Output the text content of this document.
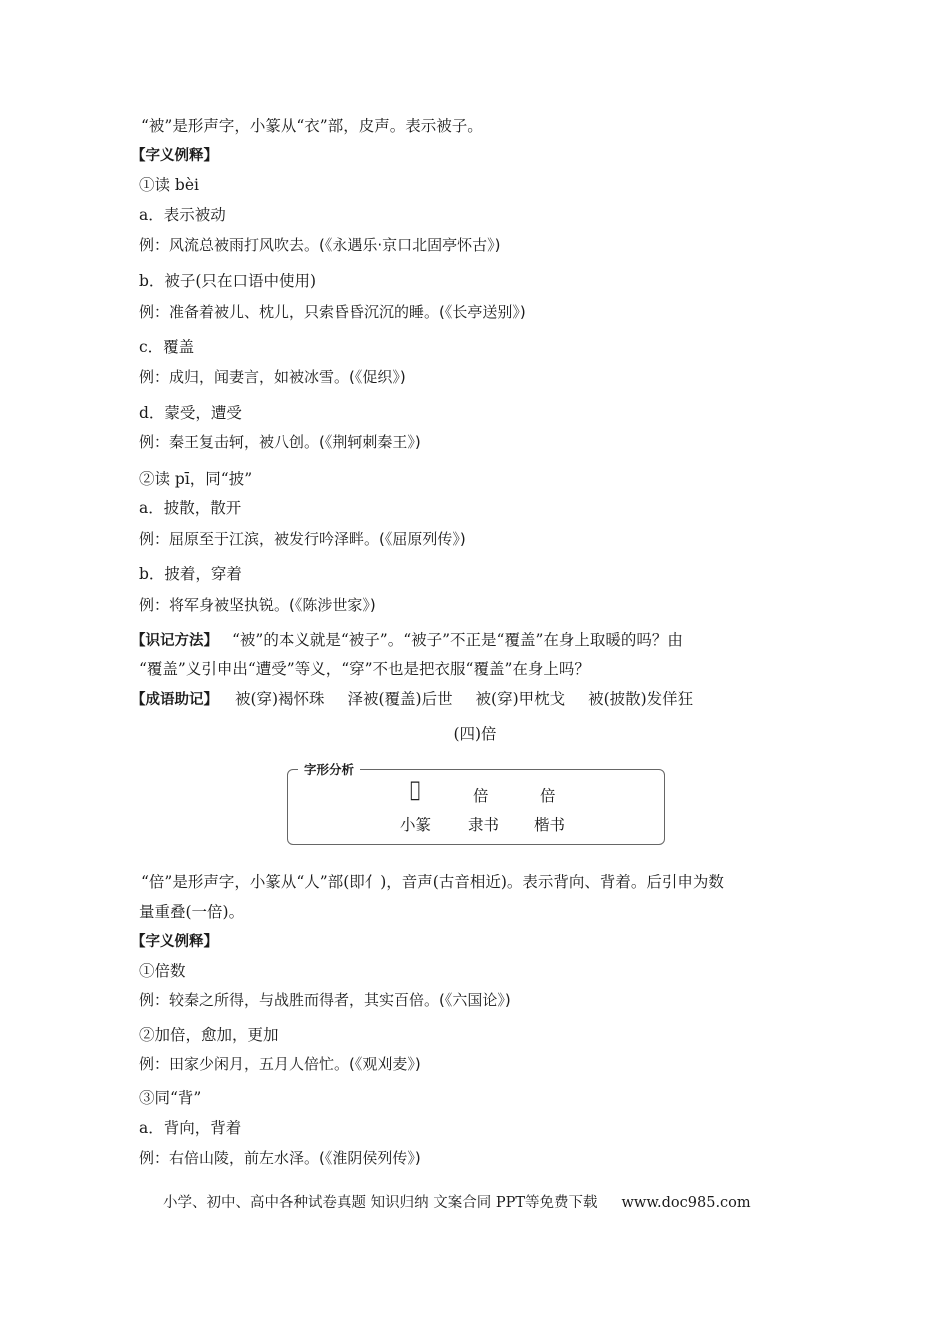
“被”是形声字，小篆从“衣”部，皮声。表示被子。
【字义例释】
①读 bèi
a．表示被动
例：风流总被雨打风吹去。(《永遇乐·京口北固亭怀古》)
b．被子(只在口语中使用)
例：准备着被儿、枕儿，只索昏昏沉沉的睡。(《长亭送别》)
c．覆盖
例：成归，闻妻言，如被冰雪。(《促织》)
d．蒙受，遭受
例：秦王复击轲，被八创。(《荆轲刺秦王》)
②读 pī，同“披”
a．披散，散开
例：屈原至于江滨，被发行吟泽畔。(《屈原列传》)
b．披着，穿着
例：将军身被坚执锐。(《陈涉世家》)
【识记方法】 “被”的本义就是“被子”。“被子”不正是“覆盖”在身上取暖的吗？由
“覆盖”义引申出“遭受”等义，“穿”不也是把衣服“覆盖”在身上吗？
【成语助记】 被(穿)褐怀珠 泽被(覆盖)后世 被(穿)甲枕戈 被(披散)发佯狂
(四)倍
字形分析
𠋢	倍	倍
小篆 隶书 楷书
“倍”是形声字，小篆从“人”部(即亻)，音声(古音相近)。表示背向、背着。后引申为数
量重叠(一倍)。
【字义例释】
①倍数
例：较秦之所得，与战胜而得者，其实百倍。(《六国论》)
②加倍，愈加，更加
例：田家少闲月，五月人倍忙。(《观刈麦》)
③同“背”
a．背向，背着
例：右倍山陵，前左水泽。(《淮阴侯列传》)
小学、初中、高中各种试卷真题 知识归纳 文案合同 PPT等免费下载 www.doc985.com
